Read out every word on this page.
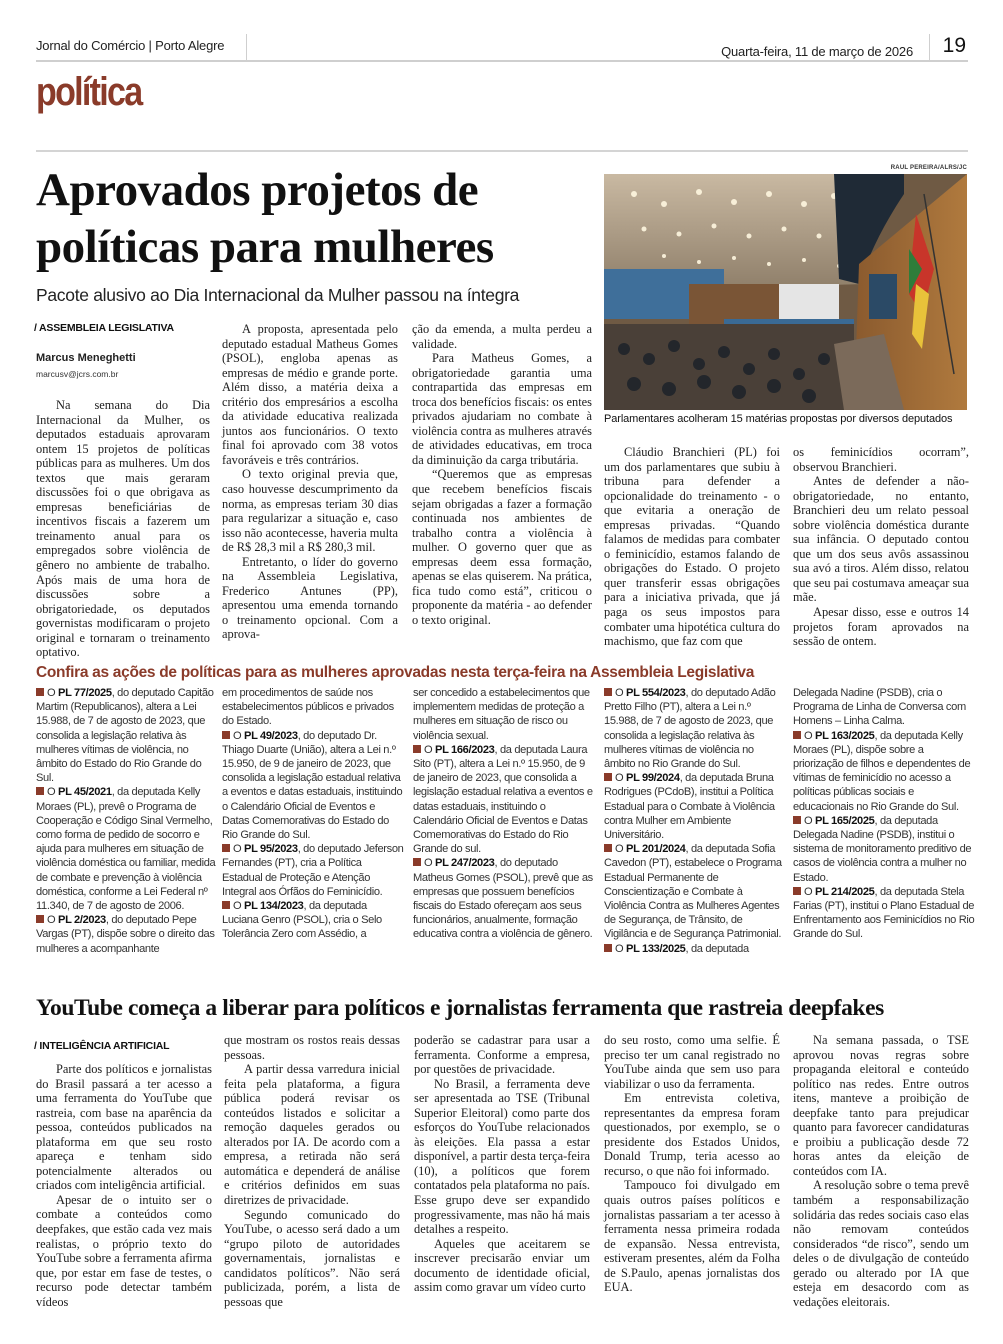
Jornal do Comércio | Porto Alegre	Quarta-feira, 11 de março de 2026 19
política
Aprovados projetos de
políticas para mulheres
Pacote alusivo ao Dia Internacional da Mulher passou na íntegra
/ ASSEMBLEIA LEGISLATIVA
Marcus Meneghetti
marcusv@jcrs.com.br

Na semana do Dia Internacional da Mulher, os deputados estaduais aprovaram ontem 15 projetos de políticas públicas para as mulheres. Um dos textos que mais geraram discussões foi o que obrigava as empresas beneficiárias de incentivos fiscais a fazerem um treinamento anual para os empregados sobre violência de gênero no ambiente de trabalho. Após mais de uma hora de discussões sobre a obrigatoriedade, os deputados governistas modificaram o projeto original e tornaram o treinamento optativo.

A proposta, apresentada pelo deputado estadual Matheus Gomes (PSOL), engloba apenas as empresas de médio e grande porte. Além disso, a matéria deixa a critério dos empresários a escolha da atividade educativa realizada juntos aos funcionários. O texto final foi aprovado com 38 votos favoráveis e três contrários.

O texto original previa que, caso houvesse descumprimento da norma, as empresas teriam 30 dias para regularizar a situação e, caso isso não acontecesse, haveria multa de R$ 28,3 mil a R$ 280,3 mil.

Entretanto, o líder do governo na Assembleia Legislativa, Frederico Antunes (PP), apresentou uma emenda tornando o treinamento opcional. Com a aprova-

ção da emenda, a multa perdeu a validade.

Para Matheus Gomes, a obrigatoriedade garantia uma contrapartida das empresas em troca dos benefícios fiscais: os entes privados ajudariam no combate à violência contra as mulheres através de atividades educativas, em troca da diminuição da carga tributária.

“Queremos que as empresas que recebem benefícios fiscais sejam obrigadas a fazer a formação continuada nos ambientes de trabalho contra a violência à mulher. O governo quer que as empresas deem essa formação, apenas se elas quiserem. Na prática, fica tudo como está”, criticou o proponente da matéria - ao defender o texto original.

Cláudio Branchieri (PL) foi um dos parlamentares que subiu à tribuna para defender a opcionalidade do treinamento - o que evitaria a oneração de empresas privadas. “Quando falamos de medidas para combater o feminicídio, estamos falando de obrigações do Estado. O projeto quer transferir essas obrigações para a iniciativa privada, que já paga os seus impostos para combater uma hipotética cultura do machismo, que faz com que

os feminicídios ocorram”, observou Branchieri.

Antes de defender a não-obrigatoriedade, no entanto, Branchieri deu um relato pessoal sobre violência doméstica durante sua infância. O deputado contou que um dos seus avôs assassinou sua avó a tiros. Além disso, relatou que seu pai costumava ameaçar sua mãe.

Apesar disso, esse e outros 14 projetos foram aprovados na sessão de ontem.

RAUL PEREIRA/ALRS/JC
Parlamentares acolheram 15 matérias propostas por diversos deputados
Confira as ações de políticas para as mulheres aprovadas nesta terça-feira na Assembleia Legislativa
O PL 77/2025, do deputado Capitão Martim (Republicanos), altera a Lei 15.988, de 7 de agosto de 2023, que consolida a legislação relativa às mulheres vítimas de violência, no âmbito do Estado do Rio Grande do Sul.
O PL 45/2021, da deputada Kelly Moraes (PL), prevê o Programa de Cooperação e Código Sinal Vermelho, como forma de pedido de socorro e ajuda para mulheres em situação de violência doméstica ou familiar, medida de combate e prevenção à violência doméstica, conforme a Lei Federal nº 11.340, de 7 de agosto de 2006.
O PL 2/2023, do deputado Pepe Vargas (PT), dispõe sobre o direito das mulheres a acompanhante
em procedimentos de saúde nos estabelecimentos públicos e privados do Estado.
O PL 49/2023, do deputado Dr. Thiago Duarte (União), altera a Lei n.º 15.950, de 9 de janeiro de 2023, que consolida a legislação estadual relativa a eventos e datas estaduais, instituindo o Calendário Oficial de Eventos e Datas Comemorativas do Estado do Rio Grande do Sul.
O PL 95/2023, do deputado Jeferson Fernandes (PT), cria a Política Estadual de Proteção e Atenção Integral aos Órfãos do Feminicídio.
O PL 134/2023, da deputada Luciana Genro (PSOL), cria o Selo Tolerância Zero com Assédio, a
ser concedido a estabelecimentos que implementem medidas de proteção a mulheres em situação de risco ou violência sexual.
O PL 166/2023, da deputada Laura Sito (PT), altera a Lei n.º 15.950, de 9 de janeiro de 2023, que consolida a legislação estadual relativa a eventos e datas estaduais, instituindo o Calendário Oficial de Eventos e Datas Comemorativas do Estado do Rio Grande do sul.
O PL 247/2023, do deputado Matheus Gomes (PSOL), prevê que as empresas que possuem benefícios fiscais do Estado ofereçam aos seus funcionários, anualmente, formação educativa contra a violência de gênero.
O PL 554/2023, do deputado Adão Pretto Filho (PT), altera a Lei n.º 15.988, de 7 de agosto de 2023, que consolida a legislação relativa às mulheres vítimas de violência no âmbito no Rio Grande do Sul.
O PL 99/2024, da deputada Bruna Rodrigues (PCdoB), institui a Política Estadual para o Combate à Violência contra Mulher em Ambiente Universitário.
O PL 201/2024, da deputada Sofia Cavedon (PT), estabelece o Programa Estadual Permanente de Conscientização e Combate à Violência Contra as Mulheres Agentes de Segurança, de Trânsito, de Vigilância e de Segurança Patrimonial.
O PL 133/2025, da deputada
Delegada Nadine (PSDB), cria o Programa de Linha de Conversa com Homens – Linha Calma.
O PL 163/2025, da deputada Kelly Moraes (PL), dispõe sobre a priorização de filhos e dependentes de vítimas de feminicídio no acesso a políticas públicas sociais e educacionais no Rio Grande do Sul.
O PL 165/2025, da deputada Delegada Nadine (PSDB), institui o sistema de monitoramento preditivo de casos de violência contra a mulher no Estado.
O PL 214/2025, da deputada Stela Farias (PT), institui o Plano Estadual de Enfrentamento aos Feminicídios no Rio Grande do Sul.
YouTube começa a liberar para políticos e jornalistas ferramenta que rastreia deepfakes
/ INTELIGÊNCIA ARTIFICIAL

Parte dos políticos e jornalistas do Brasil passará a ter acesso a uma ferramenta do YouTube que rastreia, com base na aparência da pessoa, conteúdos publicados na plataforma em que seu rosto apareça e tenham sido potencialmente alterados ou criados com inteligência artificial.

Apesar de o intuito ser o combate a conteúdos como deepfakes, que estão cada vez mais realistas, o próprio texto do YouTube sobre a ferramenta afirma que, por estar em fase de testes, o recurso pode detectar também vídeos

que mostram os rostos reais dessas pessoas.

A partir dessa varredura inicial feita pela plataforma, a figura pública poderá revisar os conteúdos listados e solicitar a remoção daqueles gerados ou alterados por IA. De acordo com a empresa, a retirada não será automática e dependerá de análise e critérios definidos em suas diretrizes de privacidade.

Segundo comunicado do YouTube, o acesso será dado a um “grupo piloto de autoridades governamentais, jornalistas e candidatos políticos”. Não será publicizada, porém, a lista de pessoas que

poderão se cadastrar para usar a ferramenta. Conforme a empresa, por questões de privacidade.

No Brasil, a ferramenta deve ser apresentada ao TSE (Tribunal Superior Eleitoral) como parte dos esforços do YouTube relacionados às eleições. Ela passa a estar disponível, a partir desta terça-feira (10), a políticos que forem contatados pela plataforma no país. Esse grupo deve ser expandido progressivamente, mas não há mais detalhes a respeito.

Aqueles que aceitarem se inscrever precisarão enviar um documento de identidade oficial, assim como gravar um vídeo curto

do seu rosto, como uma selfie. É preciso ter um canal registrado no YouTube ainda que sem uso para viabilizar o uso da ferramenta.

Em entrevista coletiva, representantes da empresa foram questionados, por exemplo, se o presidente dos Estados Unidos, Donald Trump, teria acesso ao recurso, o que não foi informado.

Tampouco foi divulgado em quais outros países políticos e jornalistas passariam a ter acesso à ferramenta nessa primeira rodada de expansão. Nessa entrevista, estiveram presentes, além da Folha de S.Paulo, apenas jornalistas dos EUA.

Na semana passada, o TSE aprovou novas regras sobre propaganda eleitoral e conteúdo político nas redes. Entre outros itens, manteve a proibição de deepfake tanto para prejudicar quanto para favorecer candidaturas e proibiu a publicação desde 72 horas antes da eleição de conteúdos com IA.

A resolução sobre o tema prevê também a responsabilização solidária das redes sociais caso elas não removam conteúdos considerados “de risco”, sendo um deles o de divulgação de conteúdo gerado ou alterado por IA que esteja em desacordo com as vedações eleitorais.
